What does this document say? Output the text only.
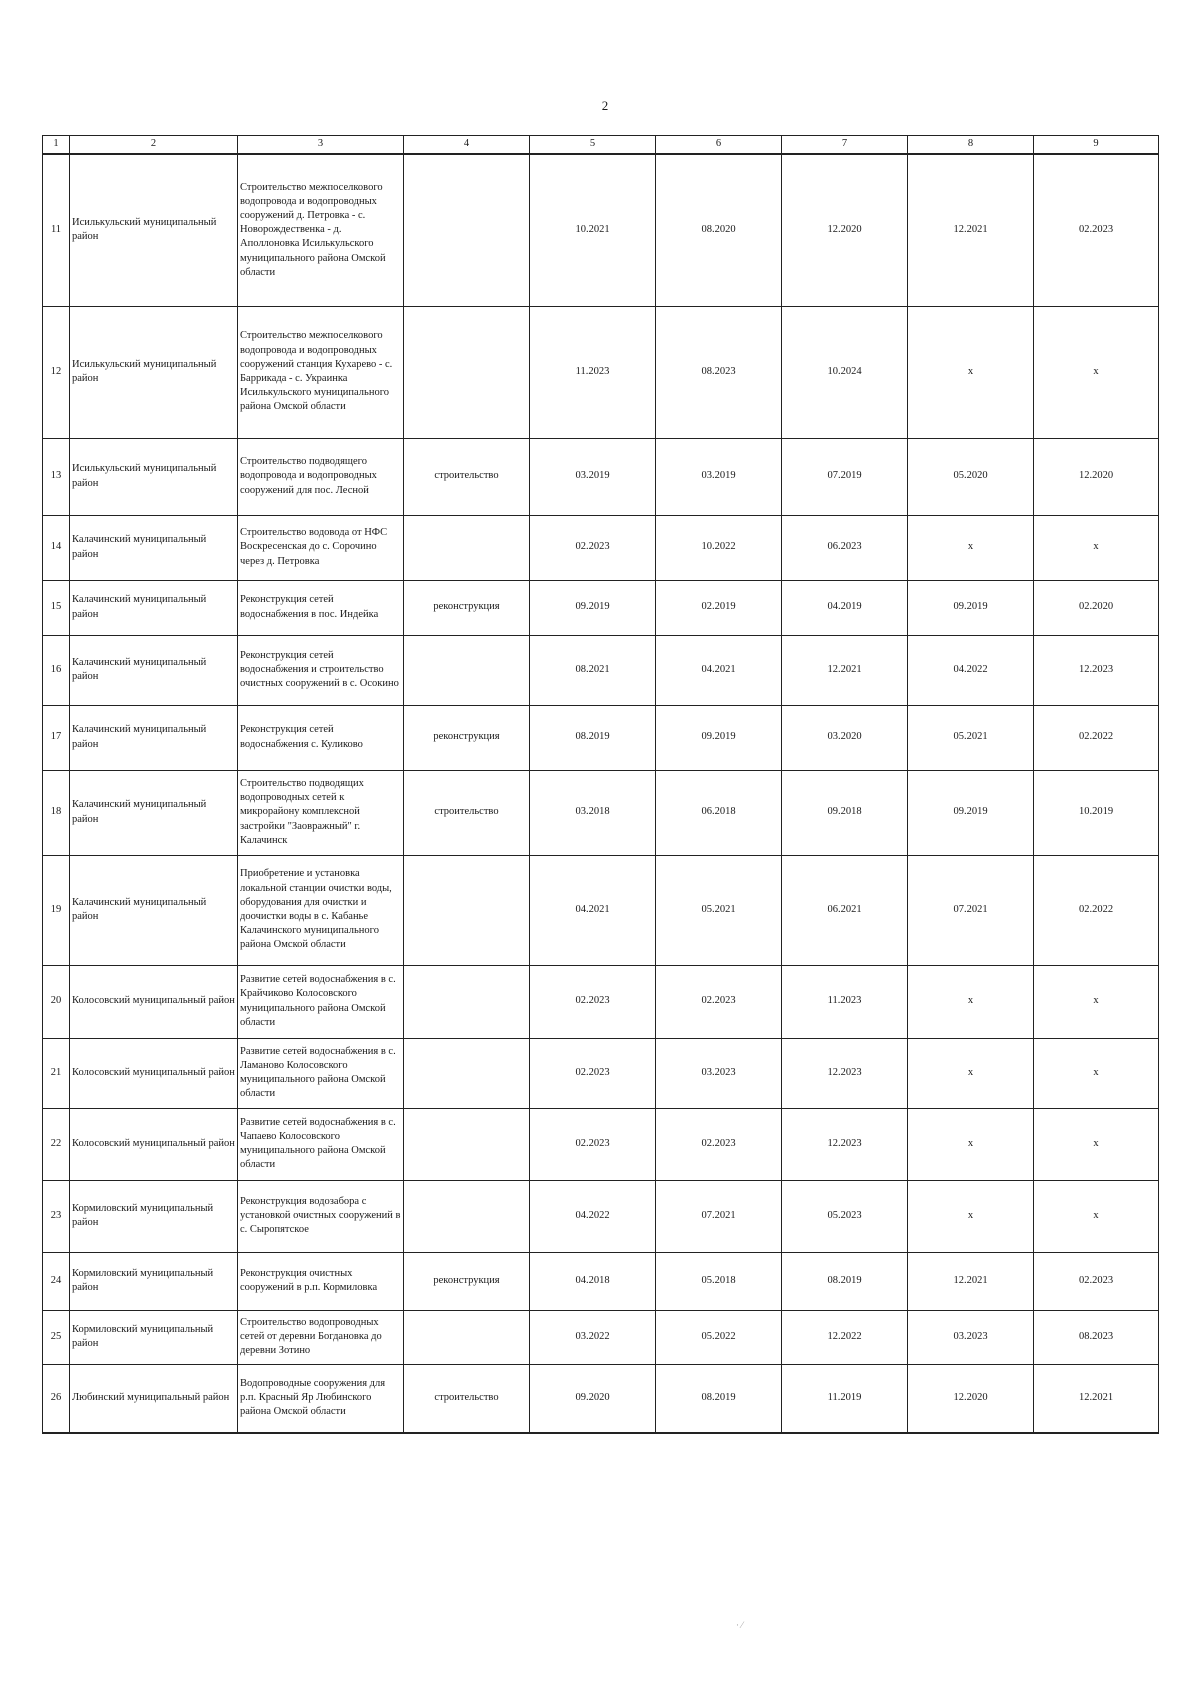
2
1	2	3	4	5	6	7	8	9
11	Исилькульский муниципальный район	Строительство межпоселкового водопровода и водопроводных сооружений д. Петровка - с. Новорождественка - д. Аполлоновка Исилькульского муниципального района Омской области		10.2021	08.2020	12.2020	12.2021	02.2023
12	Исилькульский муниципальный район	Строительство межпоселкового водопровода и водопроводных сооружений станция Кухарево - с. Баррикада - с. Украинка Исилькульского муниципального района Омской области		11.2023	08.2023	10.2024	x	x
13	Исилькульский муниципальный район	Строительство подводящего водопровода и водопроводных сооружений для пос. Лесной	строительство	03.2019	03.2019	07.2019	05.2020	12.2020
14	Калачинский муниципальный район	Строительство водовода от НФС Воскресенская до с. Сорочино через д. Петровка		02.2023	10.2022	06.2023	x	x
15	Калачинский муниципальный район	Реконструкция сетей водоснабжения в пос. Индейка	реконструкция	09.2019	02.2019	04.2019	09.2019	02.2020
16	Калачинский муниципальный район	Реконструкция сетей водоснабжения и строительство очистных сооружений в с. Осокино		08.2021	04.2021	12.2021	04.2022	12.2023
17	Калачинский муниципальный район	Реконструкция сетей водоснабжения с. Куликово	реконструкция	08.2019	09.2019	03.2020	05.2021	02.2022
18	Калачинский муниципальный район	Строительство подводящих водопроводных сетей к микрорайону комплексной застройки "Заовражный" г. Калачинск	строительство	03.2018	06.2018	09.2018	09.2019	10.2019
19	Калачинский муниципальный район	Приобретение и установка локальной станции очистки воды, оборудования для очистки и доочистки воды в с. Кабанье Калачинского муниципального района Омской области		04.2021	05.2021	06.2021	07.2021	02.2022
20	Колосовский муниципальный район	Развитие сетей водоснабжения в с. Крайчиково Колосовского муниципального района Омской области		02.2023	02.2023	11.2023	x	x
21	Колосовский муниципальный район	Развитие сетей водоснабжения в с. Ламаново Колосовского муниципального района Омской области		02.2023	03.2023	12.2023	x	x
22	Колосовский муниципальный район	Развитие сетей водоснабжения в с. Чапаево Колосовского муниципального района Омской области		02.2023	02.2023	12.2023	x	x
23	Кормиловский муниципальный район	Реконструкция водозабора с установкой очистных сооружений в с. Сыропятское		04.2022	07.2021	05.2023	x	x
24	Кормиловский муниципальный район	Реконструкция очистных сооружений в р.п. Кормиловка	реконструкция	04.2018	05.2018	08.2019	12.2021	02.2023
25	Кормиловский муниципальный район	Строительство водопроводных сетей от деревни Богдановка до деревни Зотино		03.2022	05.2022	12.2022	03.2023	08.2023
26	Любинский муниципальный район	Водопроводные сооружения для р.п. Красный Яр Любинского района Омской области	строительство	09.2020	08.2019	11.2019	12.2020	12.2021
· ⁄
